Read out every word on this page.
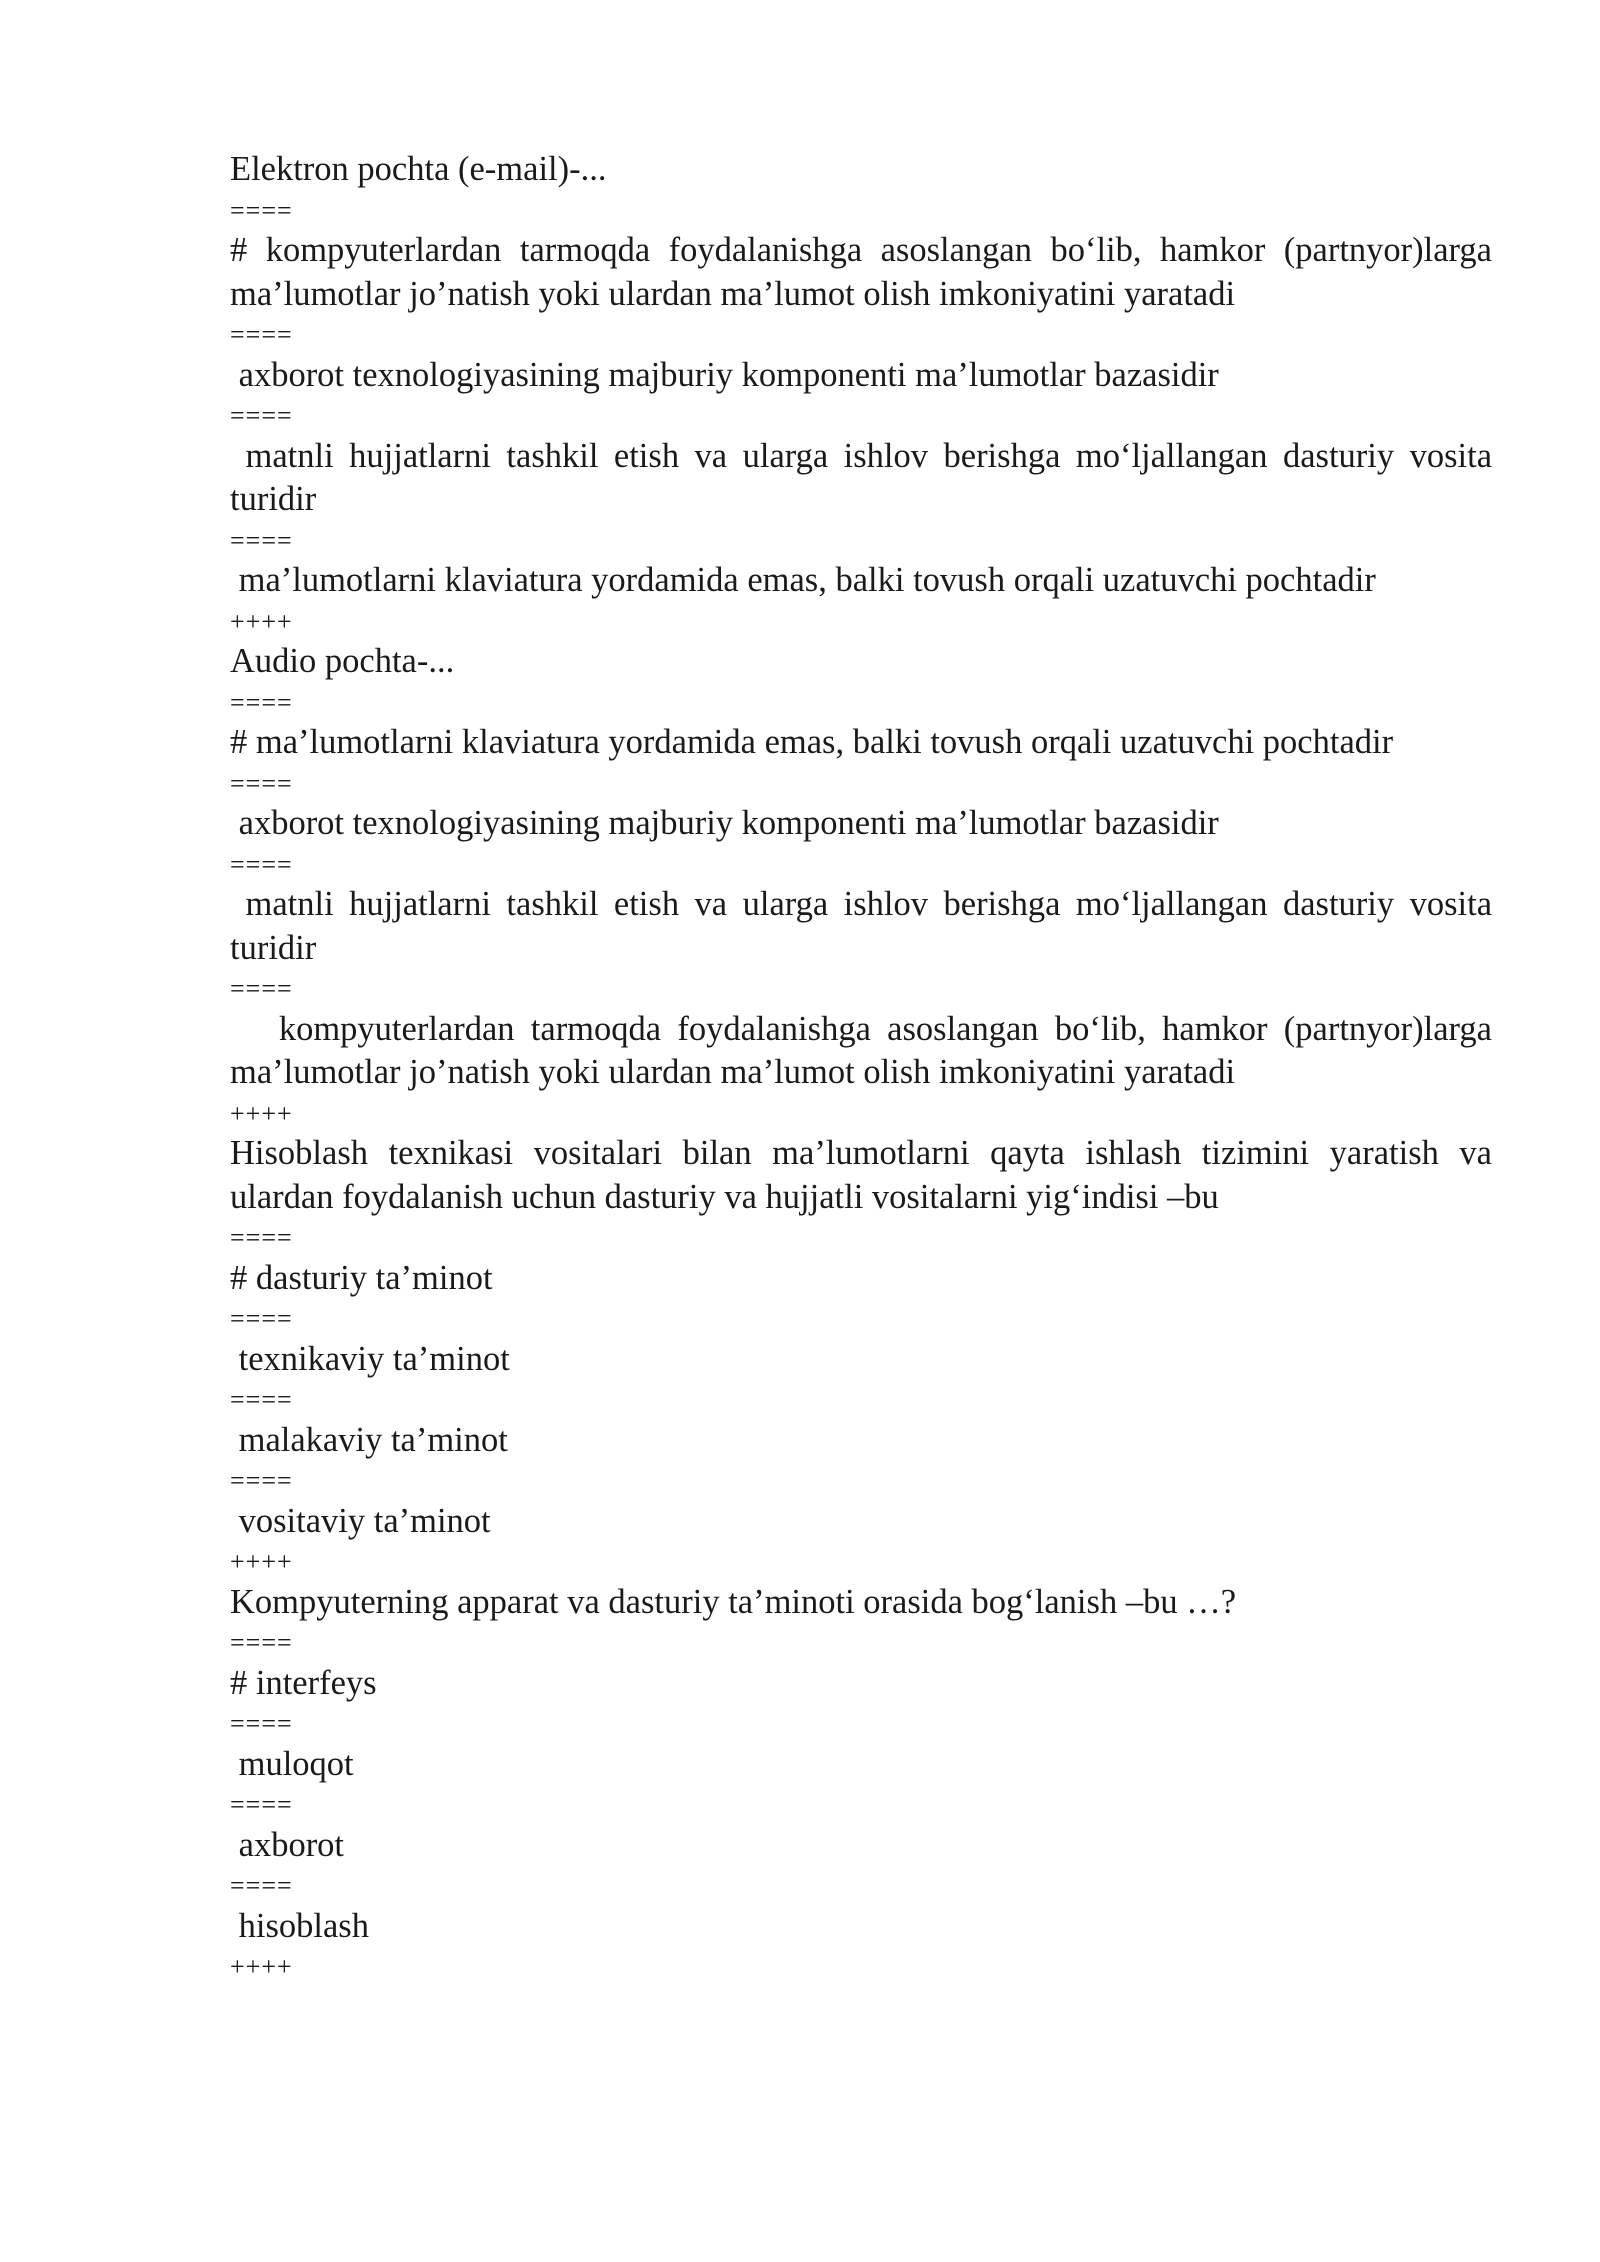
Elektron pochta (e-mail)-...

====

# kompyuterlardan tarmoqda foydalanishga asoslangan bo‘lib, hamkor (partnyor)larga ma’lumotlar jo’natish yoki ulardan ma’lumot olish imkoniyatini yaratadi

====

axborot texnologiyasining majburiy komponenti ma’lumotlar bazasidir

====

matnli hujjatlarni tashkil etish va ularga ishlov berishga mo‘ljallangan dasturiy vosita turidir

====

ma’lumotlarni klaviatura yordamida emas, balki tovush orqali uzatuvchi pochtadir

++++

Audio pochta-...

====

# ma’lumotlarni klaviatura yordamida emas, balki tovush orqali uzatuvchi pochtadir

====

axborot texnologiyasining majburiy komponenti ma’lumotlar bazasidir

====

matnli hujjatlarni tashkil etish va ularga ishlov berishga mo‘ljallangan dasturiy vosita turidir

====

kompyuterlardan tarmoqda foydalanishga asoslangan bo‘lib, hamkor (partnyor)larga ma’lumotlar jo’natish yoki ulardan ma’lumot olish imkoniyatini yaratadi

++++

Hisoblash texnikasi vositalari bilan ma’lumotlarni qayta ishlash tizimini yaratish va ulardan foydalanish uchun dasturiy va hujjatli vositalarni yig‘indisi –bu

====

# dasturiy ta’minot

====

texnikaviy ta’minot

====

malakaviy ta’minot

====

vositaviy ta’minot

++++

Kompyuterning apparat va dasturiy ta’minoti orasida bog‘lanish –bu …?

====

# interfeys

====

muloqot

====

axborot

====

hisoblash

++++
